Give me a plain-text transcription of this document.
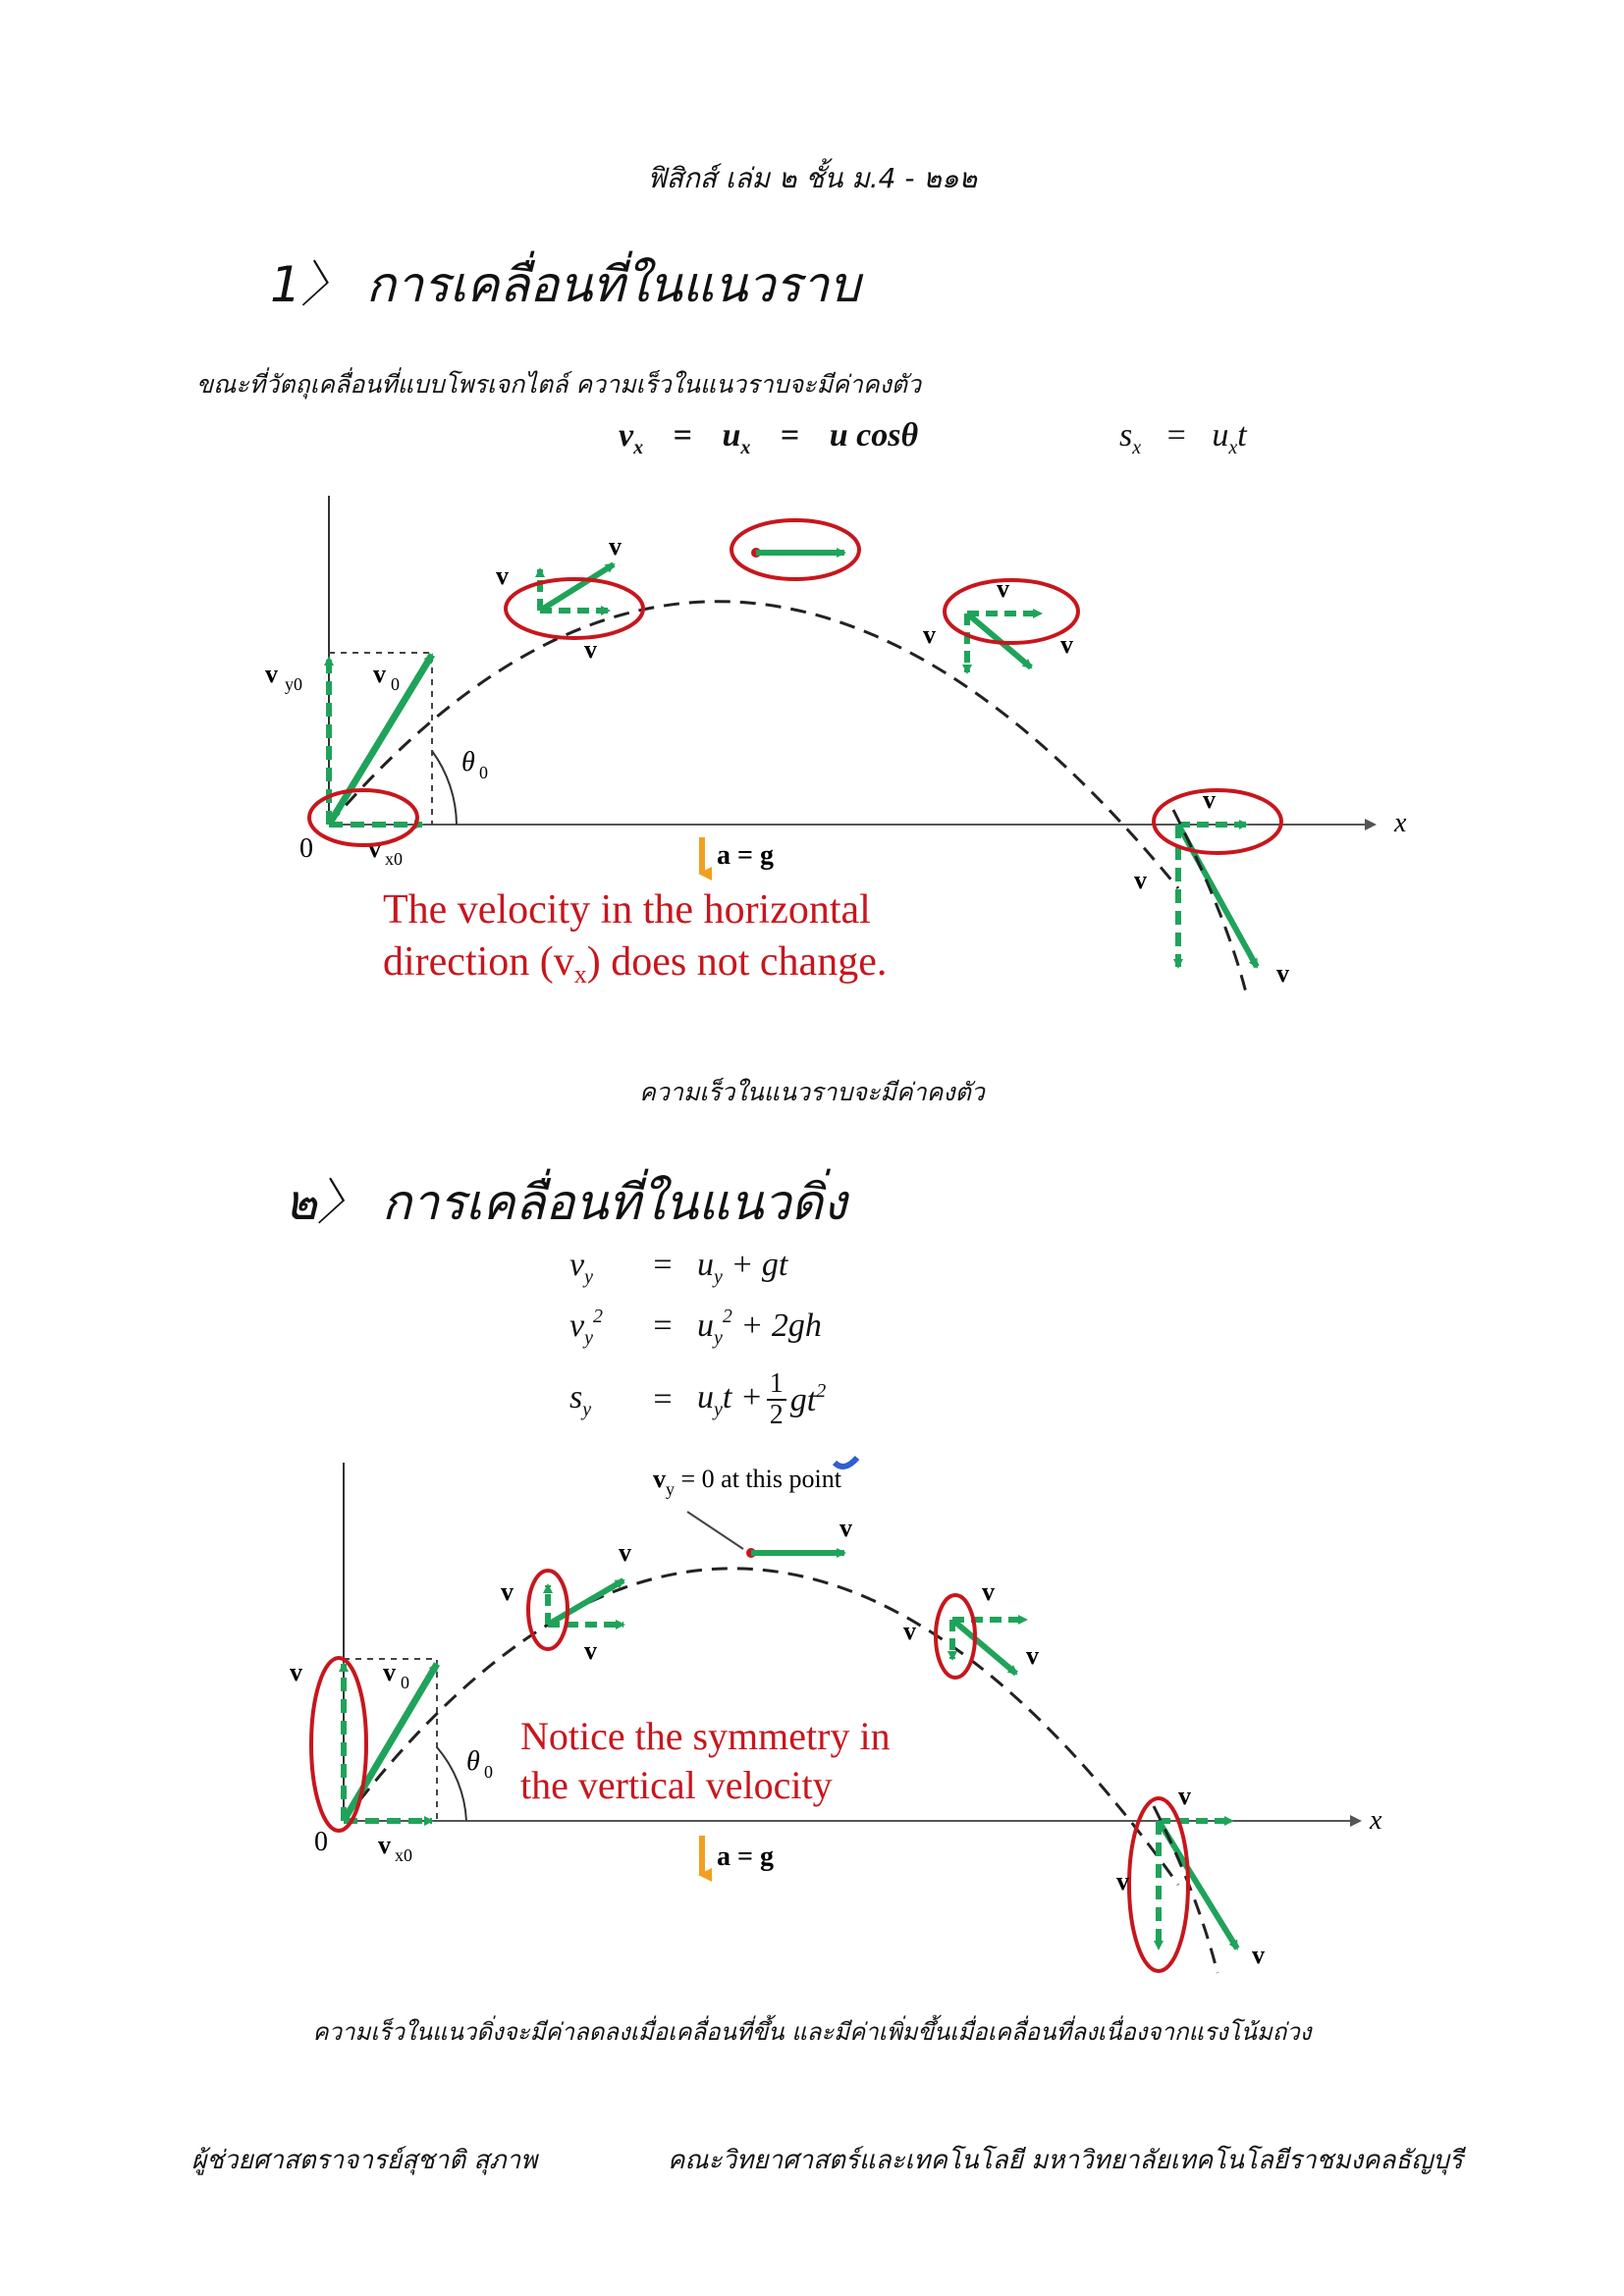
ฟิสิกส์ เล่ม ๒ ชั้น ม.4 - ๒๑๒
1〉 การเคลื่อนที่ในแนวราบ
ขณะที่วัตถุเคลื่อนที่แบบโพรเจกไตล์ ความเร็วในแนวราบจะมีค่าคงตัว
$v_x = u_x = u$ cosθ	$s_x = u_xt$
x
0
θ 0
v y0	v 0
v x0
v
v
v
v
v	v
v
v
v
a = g
The velocity in the horizontal
direction (vx) does not change.
ความเร็วในแนวราบจะมีค่าคงตัว
๒〉 การเคลื่อนที่ในแนวดิ่ง
$v_y$	= $u_y$ + gt
$v_y^2$	= $u_y^2 + 2gh$
$s_y$	= $u_yt + \frac{1}{2} gt^2$
x
0
θ 0
v	v 0
v x0
v
v
v
v
$v_y = 0$ at this point
v
v
v
v
v
v
a = g
Notice the symmetry in
the vertical velocity
ความเร็วในแนวดิ่งจะมีค่าลดลงเมื่อเคลื่อนที่ขึ้น และมีค่าเพิ่มขึ้นเมื่อเคลื่อนที่ลงเนื่องจากแรงโน้มถ่วง
ผู้ช่วยศาสตราจารย์สุชาติ สุภาพ	คณะวิทยาศาสตร์และเทคโนโลยี มหาวิทยาลัยเทคโนโลยีราชมงคลธัญบุรี
